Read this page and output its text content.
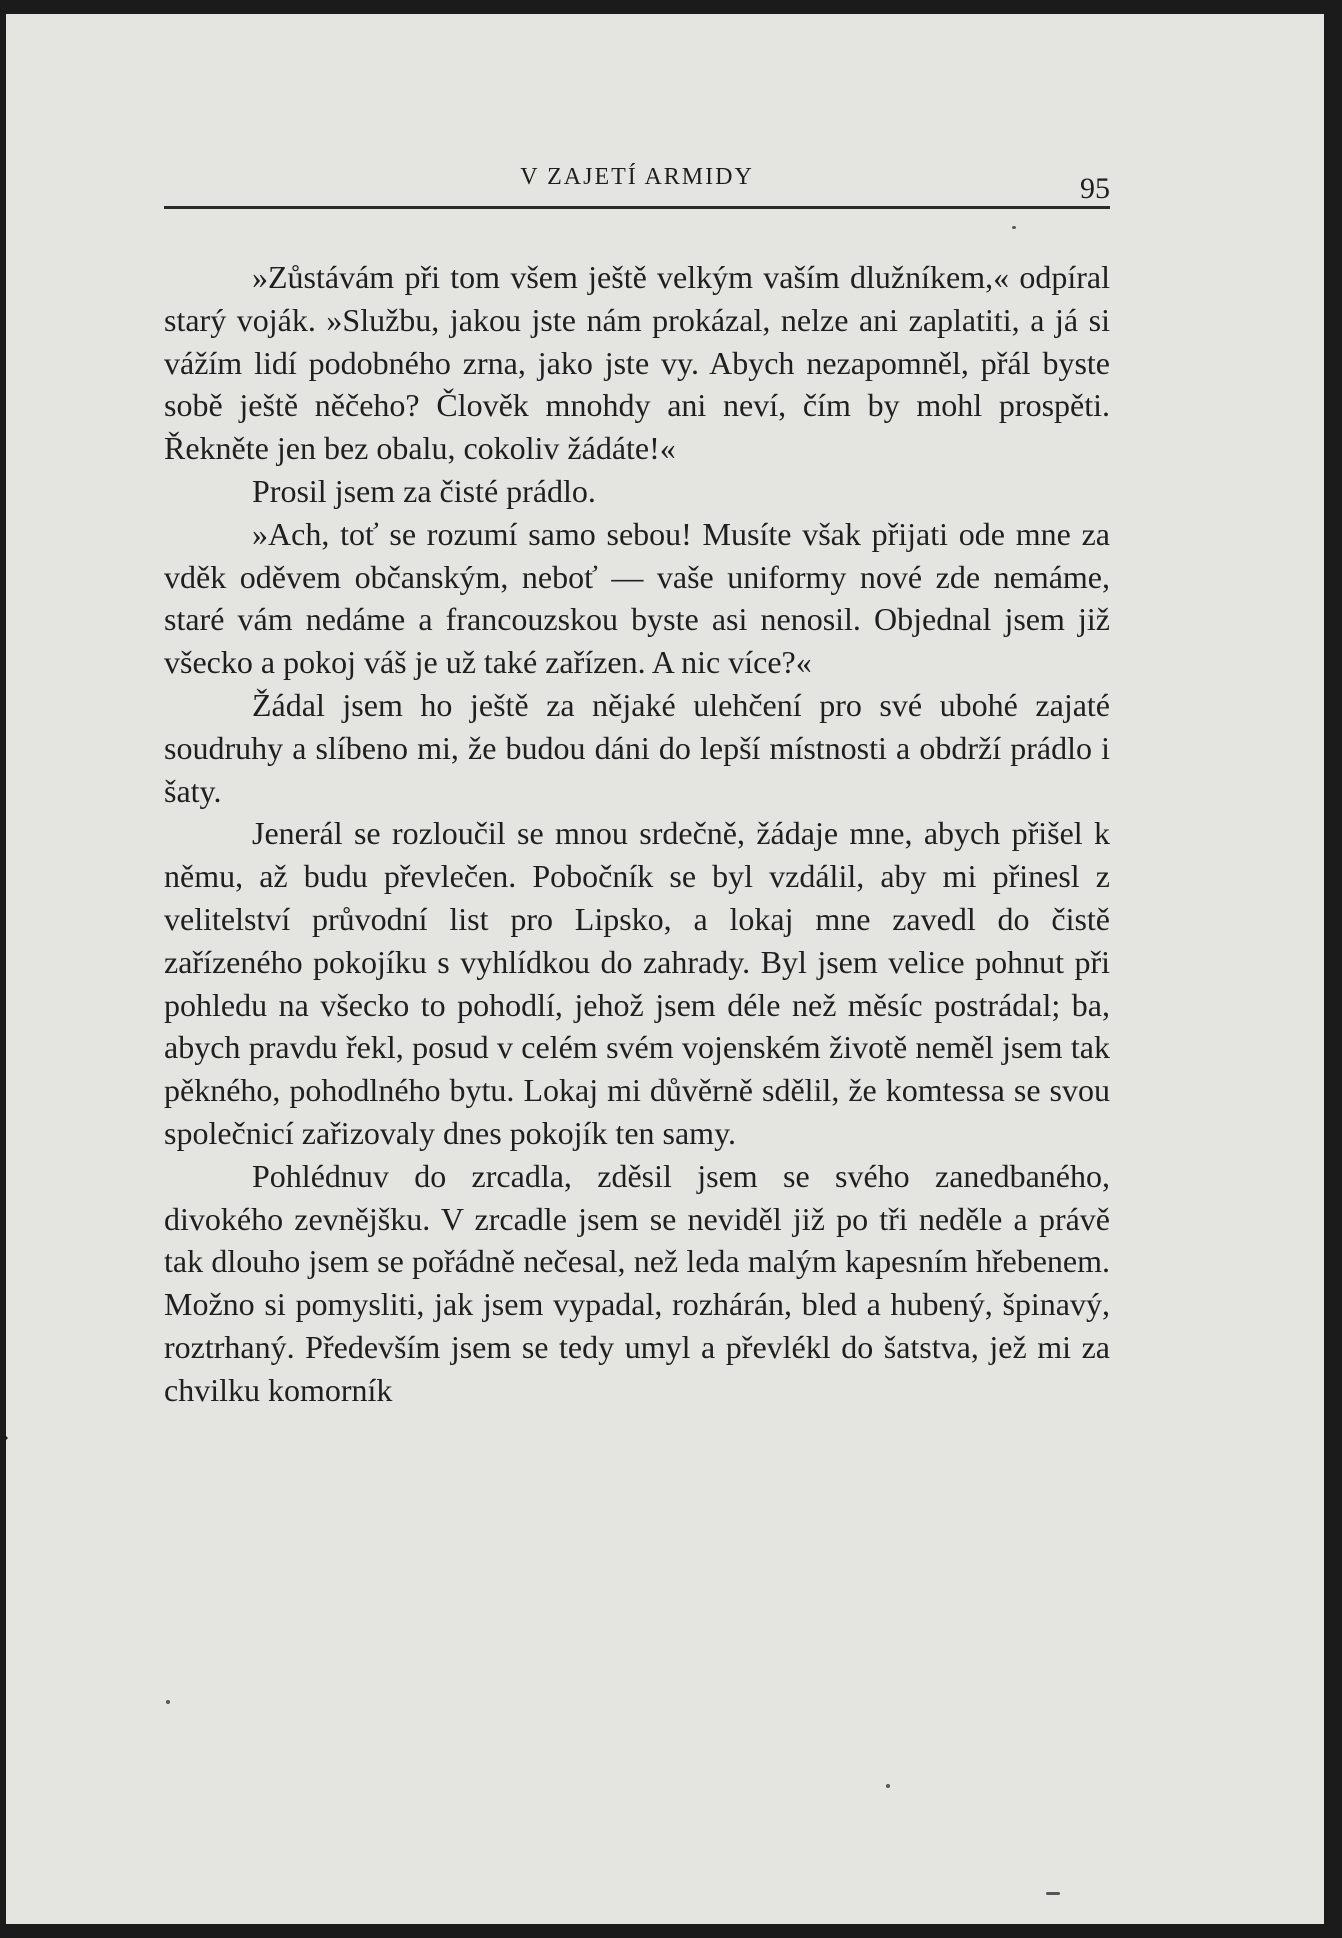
V ZAJETÍ ARMIDY	95

»Zůstávám při tom všem ještě velkým vaším dlužníkem,« odpíral starý voják. »Službu, jakou jste nám prokázal, nelze ani zaplatiti, a já si vážím lidí podobného zrna, jako jste vy. Abych nezapomněl, přál byste sobě ještě něčeho? Člověk mnohdy ani neví, čím by mohl prospěti. Řekněte jen bez obalu, cokoliv žádáte!«

Prosil jsem za čisté prádlo.

»Ach, toť se rozumí samo sebou! Musíte však přijati ode mne za vděk oděvem občanským, neboť — vaše uniformy nové zde nemáme, staré vám nedáme a francouzskou byste asi nenosil. Objednal jsem již všecko a pokoj váš je už také zařízen. A nic více?«

Žádal jsem ho ještě za nějaké ulehčení pro své ubohé zajaté soudruhy a slíbeno mi, že budou dáni do lepší místnosti a obdrží prádlo i šaty.

Jenerál se rozloučil se mnou srdečně, žádaje mne, abych přišel k němu, až budu převlečen. Pobočník se byl vzdálil, aby mi přinesl z velitelství průvodní list pro Lipsko, a lokaj mne zavedl do čistě zařízeného pokojíku s vyhlídkou do zahrady. Byl jsem velice pohnut při pohledu na všecko to pohodlí, jehož jsem déle než měsíc postrádal; ba, abych pravdu řekl, posud v celém svém vojenském životě neměl jsem tak pěkného, pohodlného bytu. Lokaj mi důvěrně sdělil, že komtessa se svou společnicí zařizovaly dnes pokojík ten samy.

Pohlédnuv do zrcadla, zděsil jsem se svého zanedbaného, divokého zevnějšku. V zrcadle jsem se neviděl již po tři neděle a právě tak dlouho jsem se pořádně nečesal, než leda malým kapesním hřebenem. Možno si pomysliti, jak jsem vypadal, rozhárán, bled a hubený, špinavý, roztrhaný. Především jsem se tedy umyl a převlékl do šatstva, jež mi za chvilku komorník
